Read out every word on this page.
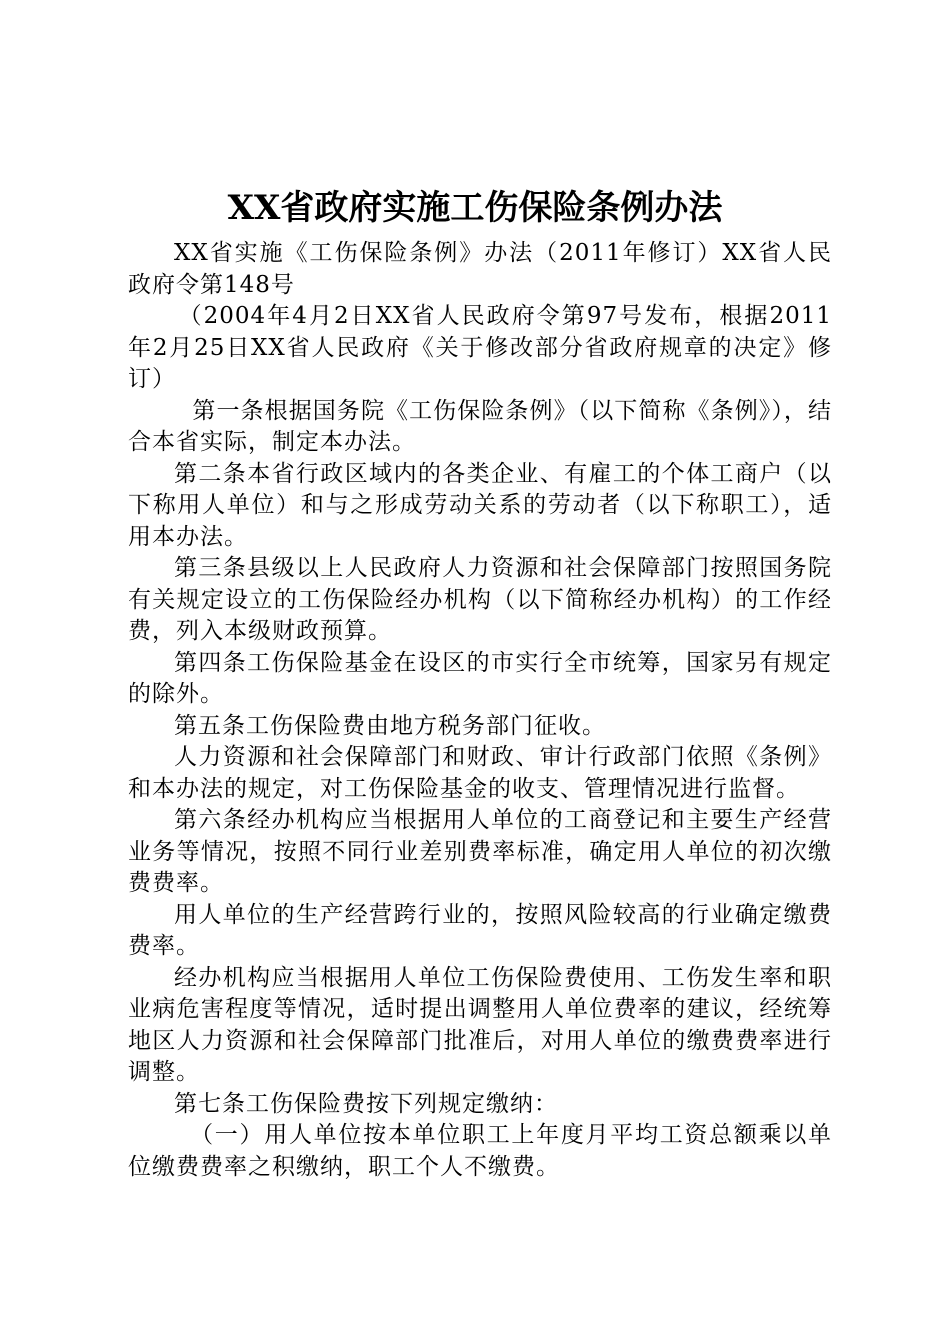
XX省政府实施工伤保险条例办法

XX省实施《工伤保险条例》办法（2011年修订）XX省人民政府令第148号

（2004年4月2日XX省人民政府令第97号发布，根据2011年2月25日XX省人民政府《关于修改部分省政府规章的决定》修订）

第一条根据国务院《工伤保险条例》（以下简称《条例》），结合本省实际，制定本办法。

第二条本省行政区域内的各类企业、有雇工的个体工商户（以下称用人单位）和与之形成劳动关系的劳动者（以下称职工），适用本办法。

第三条县级以上人民政府人力资源和社会保障部门按照国务院有关规定设立的工伤保险经办机构（以下简称经办机构）的工作经费，列入本级财政预算。

第四条工伤保险基金在设区的市实行全市统筹，国家另有规定的除外。

第五条工伤保险费由地方税务部门征收。

人力资源和社会保障部门和财政、审计行政部门依照《条例》和本办法的规定，对工伤保险基金的收支、管理情况进行监督。

第六条经办机构应当根据用人单位的工商登记和主要生产经营业务等情况，按照不同行业差别费率标准，确定用人单位的初次缴费费率。

用人单位的生产经营跨行业的，按照风险较高的行业确定缴费费率。

经办机构应当根据用人单位工伤保险费使用、工伤发生率和职业病危害程度等情况，适时提出调整用人单位费率的建议，经统筹地区人力资源和社会保障部门批准后，对用人单位的缴费费率进行调整。

第七条工伤保险费按下列规定缴纳：

（一）用人单位按本单位职工上年度月平均工资总额乘以单位缴费费率之积缴纳，职工个人不缴费。
